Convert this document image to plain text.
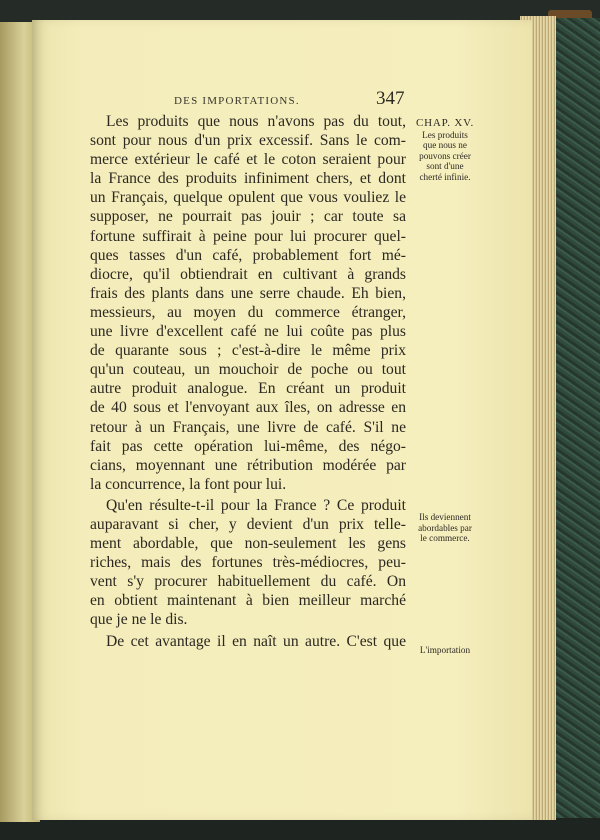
DES IMPORTATIONS.	347
CHAP. XV.
Les produits
que nous ne
pouvons créer
sont d'une
cherté infinie.
Ils deviennent
abordables par
le commerce.
L'importation
Les produits que nous n'avons pas du tout,
sont pour nous d'un prix excessif. Sans le com-
merce extérieur le café et le coton seraient pour
la France des produits infiniment chers, et dont
un Français, quelque opulent que vous vouliez le
supposer, ne pourrait pas jouir ; car toute sa
fortune suffirait à peine pour lui procurer quel-
ques tasses d'un café, probablement fort mé-
diocre, qu'il obtiendrait en cultivant à grands
frais des plants dans une serre chaude. Eh bien,
messieurs, au moyen du commerce étranger,
une livre d'excellent café ne lui coûte pas plus
de quarante sous ; c'est-à-dire le même prix
qu'un couteau, un mouchoir de poche ou tout
autre produit analogue. En créant un produit
de 40 sous et l'envoyant aux îles, on adresse en
retour à un Français, une livre de café. S'il ne
fait pas cette opération lui-même, des négo-
cians, moyennant une rétribution modérée par
la concurrence, la font pour lui.
Qu'en résulte-t-il pour la France ? Ce produit
auparavant si cher, y devient d'un prix telle-
ment abordable, que non-seulement les gens
riches, mais des fortunes très-médiocres, peu-
vent s'y procurer habituellement du café. On
en obtient maintenant à bien meilleur marché
que je ne le dis.
De cet avantage il en naît un autre. C'est que
